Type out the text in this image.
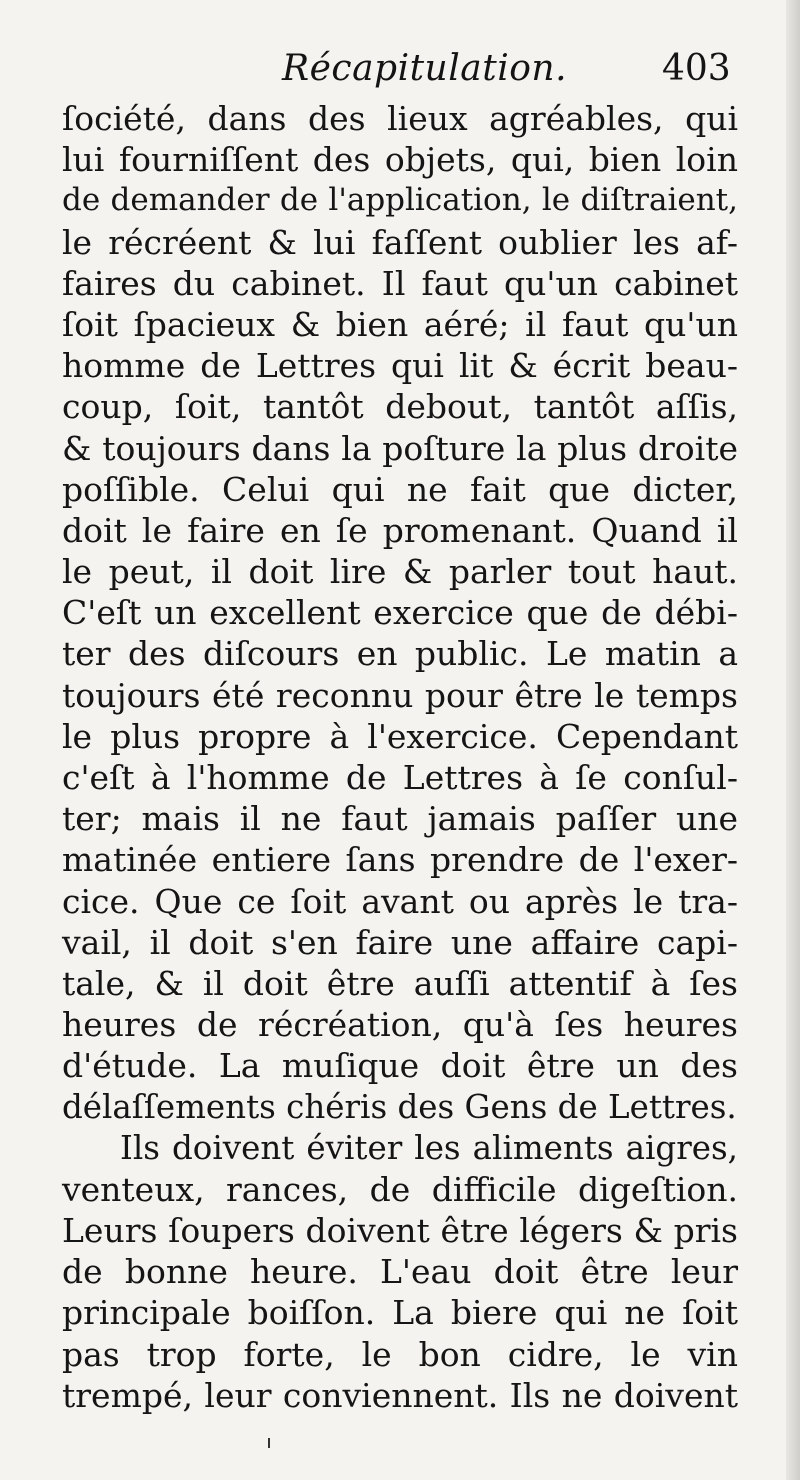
Récapitulation.	403
ſociété, dans des lieux agréables, qui
lui fourniſſent des objets, qui, bien loin
de demander de l'application, le diſtraient,
le récréent & lui faſſent oublier les af-
faires du cabinet. Il faut qu'un cabinet
ſoit ſpacieux & bien aéré; il faut qu'un
homme de Lettres qui lit & écrit beau-
coup, ſoit, tantôt debout, tantôt aſſis,
& toujours dans la poſture la plus droite
poſſible. Celui qui ne fait que dicter,
doit le faire en ſe promenant. Quand il
le peut, il doit lire & parler tout haut.
C'eſt un excellent exercice que de débi-
ter des diſcours en public. Le matin a
toujours été reconnu pour être le temps
le plus propre à l'exercice. Cependant
c'eſt à l'homme de Lettres à ſe conſul-
ter; mais il ne faut jamais paſſer une
matinée entiere ſans prendre de l'exer-
cice. Que ce ſoit avant ou après le tra-
vail, il doit s'en faire une affaire capi-
tale, & il doit être auſſi attentif à ſes
heures de récréation, qu'à ſes heures
d'étude. La muſique doit être un des
délaſſements chéris des Gens de Lettres.
Ils doivent éviter les aliments aigres,
venteux, rances, de difficile digeſtion.
Leurs ſoupers doivent être légers & pris
de bonne heure. L'eau doit être leur
principale boiſſon. La biere qui ne ſoit
pas trop forte, le bon cidre, le vin
trempé, leur conviennent. Ils ne doivent
